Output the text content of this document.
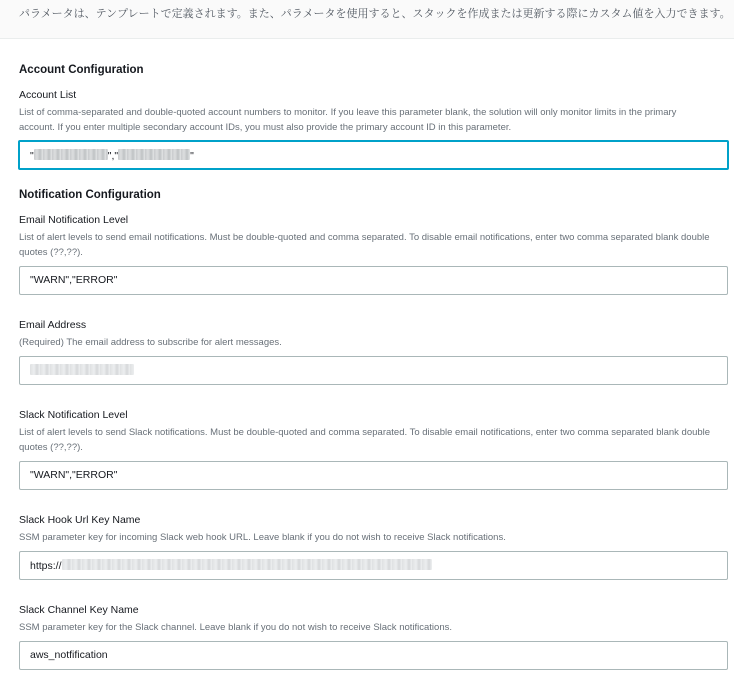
パラメータは、テンプレートで定義されます。また、パラメータを使用すると、スタックを作成または更新する際にカスタム値を入力できます。
Account Configuration
Account List
List of comma-separated and double-quoted account numbers to monitor. If you leave this parameter blank, the solution will only monitor limits in the primary account. If you enter multiple secondary account IDs, you must also provide the primary account ID in this parameter.
"	","	"
Notification Configuration
Email Notification Level
List of alert levels to send email notifications. Must be double-quoted and comma separated. To disable email notifications, enter two comma separated blank double quotes (??,??).
"WARN","ERROR"
Email Address
(Required) The email address to subscribe for alert messages.
Slack Notification Level
List of alert levels to send Slack notifications. Must be double-quoted and comma separated. To disable email notifications, enter two comma separated blank double quotes (??,??).
"WARN","ERROR"
Slack Hook Url Key Name
SSM parameter key for incoming Slack web hook URL. Leave blank if you do not wish to receive Slack notifications.
https://
Slack Channel Key Name
SSM parameter key for the Slack channel. Leave blank if you do not wish to receive Slack notifications.
aws_notfification
